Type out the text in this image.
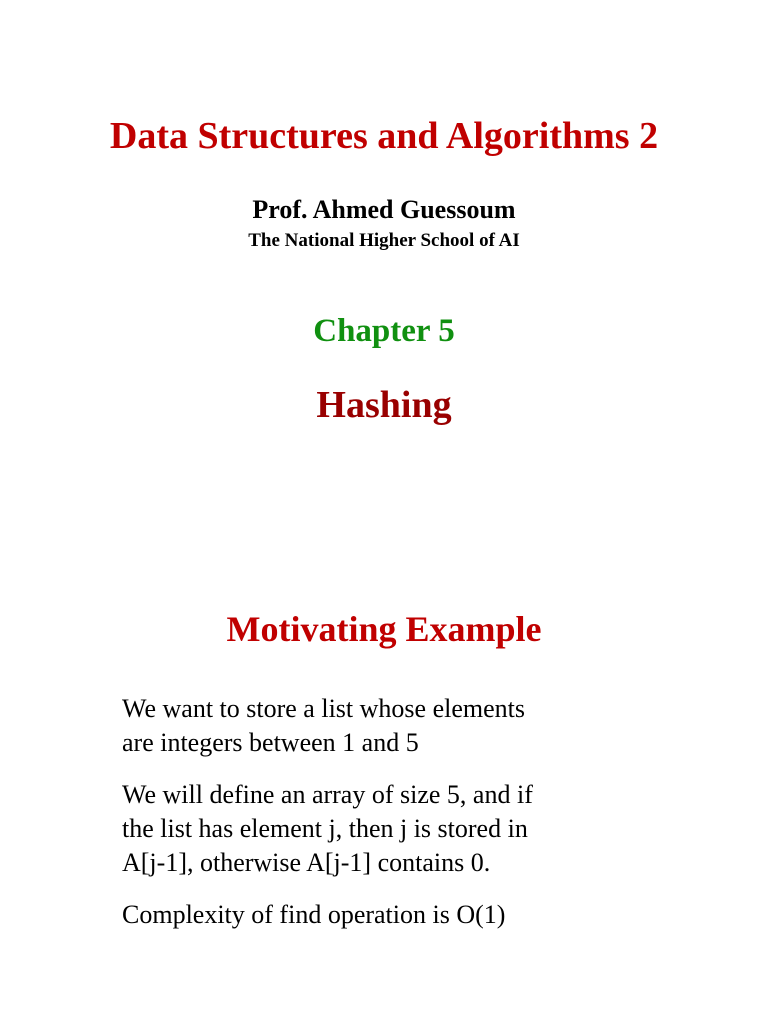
Data Structures and Algorithms 2
Prof. Ahmed Guessoum
The National Higher School of AI
Chapter 5
Hashing
Motivating Example
We want to store a list whose elements
are integers between 1 and 5
We will define an array of size 5, and if
the list has element j, then j is stored in
A[j-1], otherwise A[j-1] contains 0.
Complexity of find operation is O(1)
